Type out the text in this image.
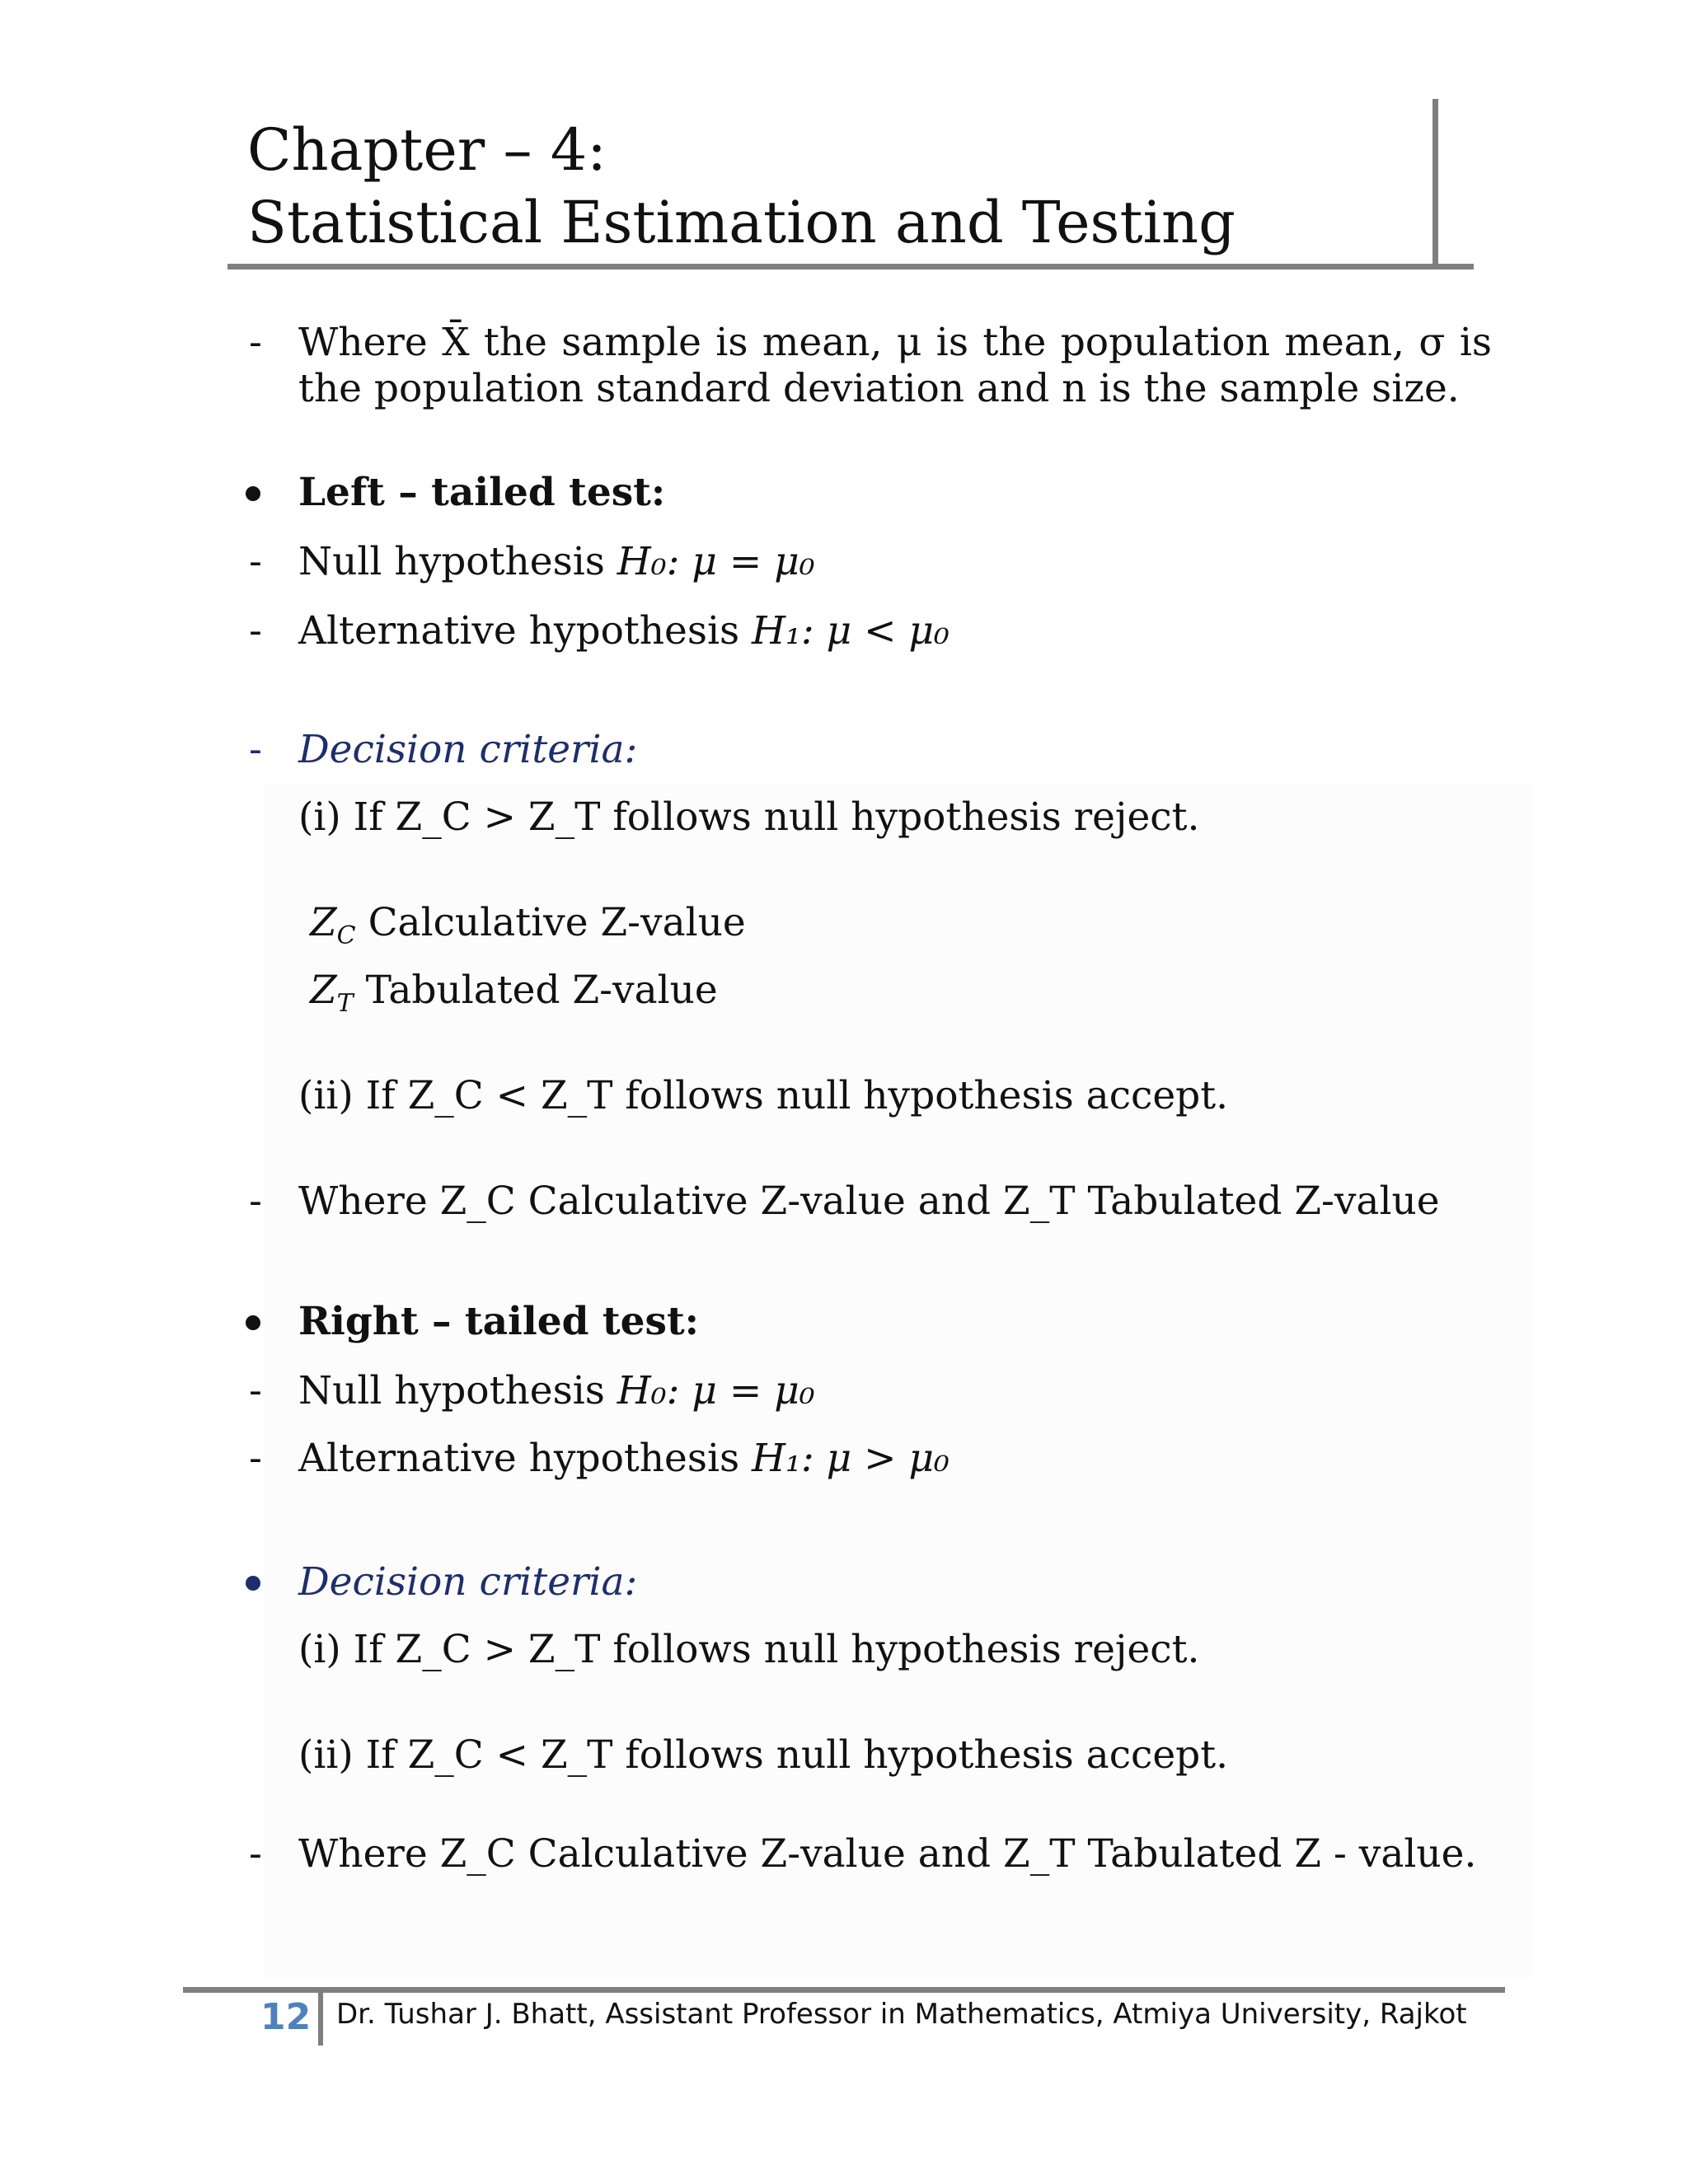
Chapter – 4:
Statistical Estimation and Testing
- Where X̄ the sample is mean, μ is the population mean, σ is the population standard deviation and n is the sample size.
Left – tailed test:
- Null hypothesis H₀: μ = μ₀
- Alternative hypothesis H₁: μ < μ₀
- Decision criteria:
(i) If Z_C > Z_T follows null hypothesis reject.
$Z_C$ Calculative Z-value
$Z_T$ Tabulated Z-value
(ii) If Z_C < Z_T follows null hypothesis accept.
- Where Z_C Calculative Z-value and Z_T Tabulated Z-value
Right – tailed test:
- Null hypothesis H₀: μ = μ₀
- Alternative hypothesis H₁: μ > μ₀
Decision criteria:
(i) If Z_C > Z_T follows null hypothesis reject.
(ii) If Z_C < Z_T follows null hypothesis accept.
- Where Z_C Calculative Z-value and Z_T Tabulated Z - value.
12 Dr. Tushar J. Bhatt, Assistant Professor in Mathematics, Atmiya University, Rajkot
